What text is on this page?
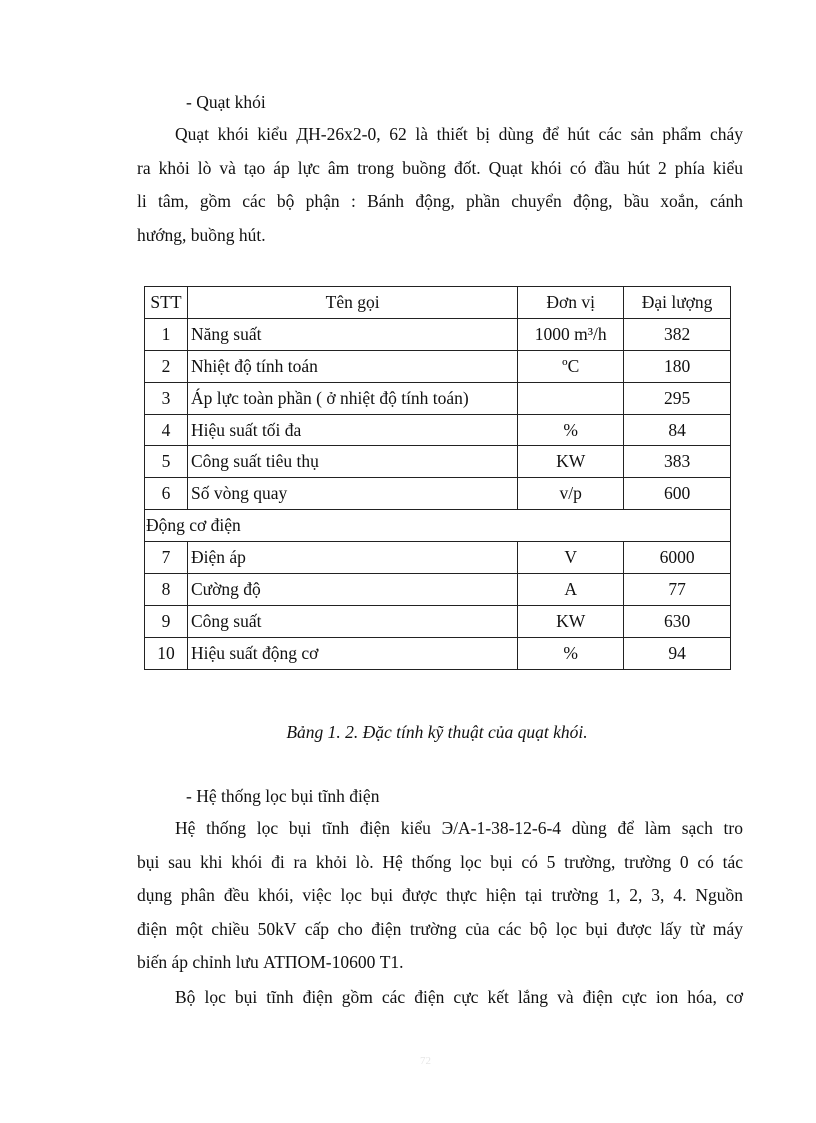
- Quạt khói
Quạt khói kiểu ДН-26x2-0, 62 là thiết bị dùng để hút các sản phẩm cháy
ra khỏi lò và tạo áp lực âm trong buồng đốt. Quạt khói có đầu hút 2 phía kiểu
li tâm, gồm các bộ phận : Bánh động, phần chuyển động, bầu xoắn, cánh
hướng, buồng hút.
STT	Tên gọi	Đơn vị	Đại lượng
1	Năng suất	1000 m³/h	382
2	Nhiệt độ tính toán	ºC	180
3	Áp lực toàn phần ( ở nhiệt độ tính toán)		295
4	Hiệu suất tối đa	%	84
5	Công suất tiêu thụ	KW	383
6	Số vòng quay	v/p	600
Động cơ điện			
7	Điện áp	V	6000
8	Cường độ	A	77
9	Công suất	KW	630
10	Hiệu suất động cơ	%	94
Bảng 1. 2. Đặc tính kỹ thuật của quạt khói.
- Hệ thống lọc bụi tĩnh điện
Hệ thống lọc bụi tĩnh điện kiểu Э/А-1-38-12-6-4 dùng để làm sạch tro
bụi sau khi khói đi ra khỏi lò. Hệ thống lọc bụi có 5 trường, trường 0 có tác
dụng phân đều khói, việc lọc bụi được thực hiện tại trường 1, 2, 3, 4. Nguồn
điện một chiều 50kV cấp cho điện trường của các bộ lọc bụi được lấy từ máy
biến áp chỉnh lưu АТПОМ-10600 Т1.
Bộ lọc bụi tĩnh điện gồm các điện cực kết lắng và điện cực ion hóa, cơ
72
